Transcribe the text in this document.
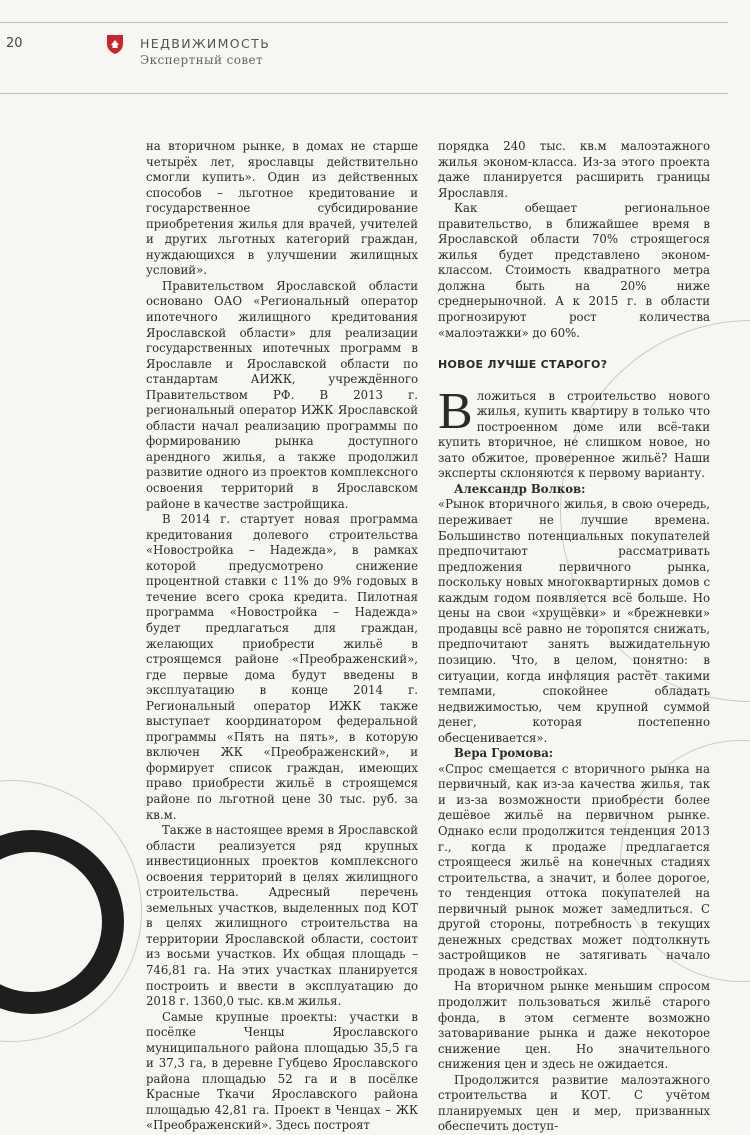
20	НЕДВИЖИМОСТЬ
Экспертный совет

на вторичном рынке, в домах не старше четырёх лет, ярославцы действительно смогли купить». Один из действенных способов – льготное кредитование и государственное субсидирование приобретения жилья для врачей, учителей и других льготных категорий граждан, нуждающихся в улучшении жилищных условий».

Правительством Ярославской области основано ОАО «Региональный оператор ипотечного жилищного кредитования Ярославской области» для реализации государственных ипотечных программ в Ярославле и Ярославской области по стандартам АИЖК, учреждённого Правительством РФ. В 2013 г. региональный оператор ИЖК Ярославской области начал реализацию программы по формированию рынка доступного арендного жилья, а также продолжил развитие одного из проектов комплексного освоения территорий в Ярославском районе в качестве застройщика.

В 2014 г. стартует новая программа кредитования долевого строительства «Новостройка – Надежда», в рамках которой предусмотрено снижение процентной ставки с 11% до 9% годовых в течение всего срока кредита. Пилотная программа «Новостройка – Надежда» будет предлагаться для граждан, желающих приобрести жильё в строящемся районе «Преображенский», где первые дома будут введены в эксплуатацию в конце 2014 г. Региональный оператор ИЖК также выступает координатором федеральной программы «Пять на пять», в которую включен ЖК «Преображенский», и формирует список граждан, имеющих право приобрести жильё в строящемся районе по льготной цене 30 тыс. руб. за кв.м.

Также в настоящее время в Ярославской области реализуется ряд крупных инвестиционных проектов комплексного освоения территорий в целях жилищного строительства. Адресный перечень земельных участков, выделенных под КОТ в целях жилищного строительства на территории Ярославской области, состоит из восьми участков. Их общая площадь – 746,81 га. На этих участках планируется построить и ввести в эксплуатацию до 2018 г. 1360,0 тыс. кв.м жилья.

Самые крупные проекты: участки в посёлке Ченцы Ярославского муниципального района площадью 35,5 га и 37,3 га, в деревне Губцево Ярославского района площадью 52 га и в посёлке Красные Ткачи Ярославского района площадью 42,81 га. Проект в Ченцах – ЖК «Преображенский». Здесь построят

порядка 240 тыс. кв.м малоэтажного жилья эконом-класса. Из-за этого проекта даже планируется расширить границы Ярославля.

Как обещает региональное правительство, в ближайшее время в Ярославской области 70% строящегося жилья будет представлено эконом-классом. Стоимость квадратного метра должна быть на 20% ниже среднерыночной. А к 2015 г. в области прогнозируют рост количества «малоэтажки» до 60%.

НОВОЕ ЛУЧШЕ СТАРОГО?

Вложиться в строительство нового жилья, купить квартиру в только что построенном доме или всё-таки купить вторичное, не слишком новое, но зато обжитое, проверенное жильё? Наши эксперты склоняются к первому варианту.

Александр Волков:

«Рынок вторичного жилья, в свою очередь, переживает не лучшие времена. Большинство потенциальных покупателей предпочитают рассматривать предложения первичного рынка, поскольку новых многоквартирных домов с каждым годом появляется всё больше. Но цены на свои «хрущёвки» и «брежневки» продавцы всё равно не торопятся снижать, предпочитают занять выжидательную позицию. Что, в целом, понятно: в ситуации, когда инфляция растёт такими темпами, спокойнее обладать недвижимостью, чем крупной суммой денег, которая постепенно обесценивается».

Вера Громова:

«Спрос смещается с вторичного рынка на первичный, как из-за качества жилья, так и из-за возможности приобрести более дешёвое жильё на первичном рынке. Однако если продолжится тенденция 2013 г., когда к продаже предлагается строящееся жильё на конечных стадиях строительства, а значит, и более дорогое, то тенденция оттока покупателей на первичный рынок может замедлиться. С другой стороны, потребность в текущих денежных средствах может подтолкнуть застройщиков не затягивать начало продаж в новостройках.

На вторичном рынке меньшим спросом продолжит пользоваться жильё старого фонда, в этом сегменте возможно затоваривание рынка и даже некоторое снижение цен. Но значительного снижения цен и здесь не ожидается.

Продолжится развитие малоэтажного строительства и КОТ. С учётом планируемых цен и мер, призванных обеспечить доступ-
